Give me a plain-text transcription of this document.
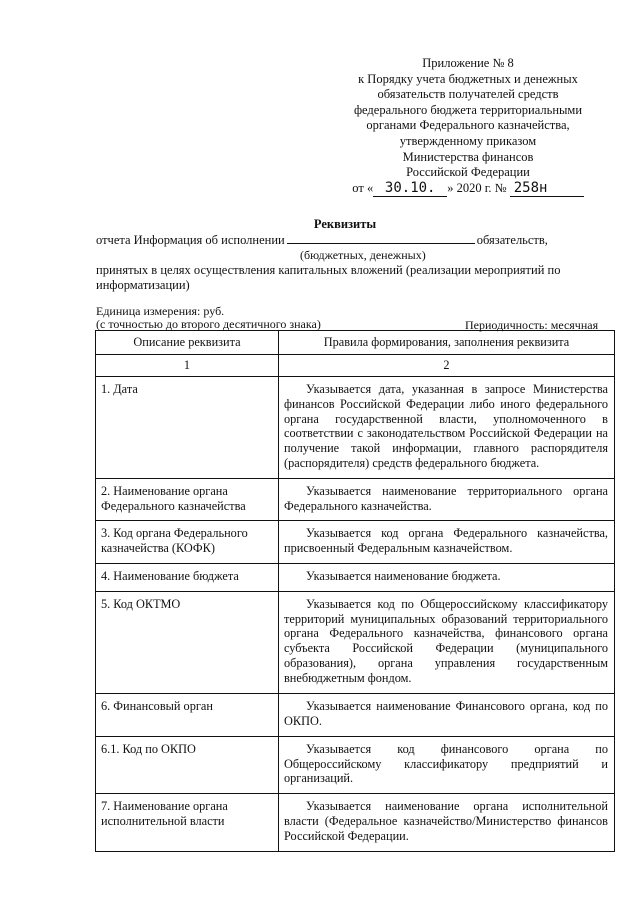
Приложение № 8
к Порядку учета бюджетных и денежных
обязательств получателей средств
федерального бюджета территориальными
органами Федерального казначейства,
утвержденному приказом
Министерства финансов
Российской Федерации
от « 30.10. » 2020 г. № 258н
Реквизиты
отчета Информация об исполнении	обязательств,
(бюджетных, денежных)
принятых в целях осуществления капитальных вложений (реализации мероприятий по информатизации)
Единица измерения: руб.
(с точностью до второго десятичного знака)	Периодичность: месячная
Описание реквизита	Правила формирования, заполнения реквизита
1	2
1. Дата	Указывается дата, указанная в запросе Министерства финансов Российской Федерации либо иного федерального органа государственной власти, уполномоченного в соответствии с законодательством Российской Федерации на получение такой информации, главного распорядителя (распорядителя) средств федерального бюджета.
2. Наименование органа Федерального казначейства	Указывается наименование территориального органа Федерального казначейства.
3. Код органа Федерального казначейства (КОФК)	Указывается код органа Федерального казначейства, присвоенный Федеральным казначейством.
4. Наименование бюджета	Указывается наименование бюджета.
5. Код ОКТМО	Указывается код по Общероссийскому классификатору территорий муниципальных образований территориального органа Федерального казначейства, финансового органа субъекта Российской Федерации (муниципального образования), органа управления государственным внебюджетным фондом.
6. Финансовый орган	Указывается наименование Финансового органа, код по ОКПО.
6.1. Код по ОКПО	Указывается код финансового органа по Общероссийскому классификатору предприятий и организаций.
7. Наименование органа исполнительной власти	Указывается наименование органа исполнительной власти (Федеральное казначейство/Министерство финансов Российской Федерации.
